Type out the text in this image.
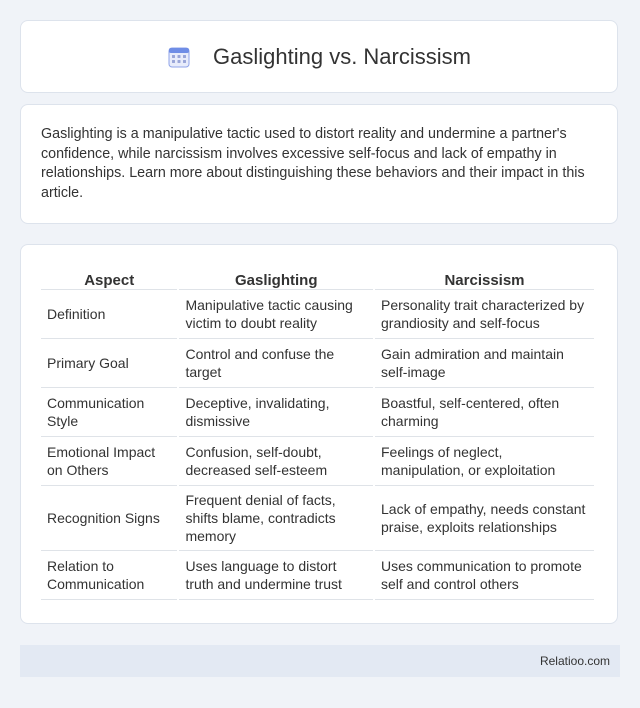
Gaslighting vs. Narcissism

Gaslighting is a manipulative tactic used to distort reality and undermine a partner's confidence, while narcissism involves excessive self-focus and lack of empathy in relationships. Learn more about distinguishing these behaviors and their impact in this article.

Aspect	Gaslighting	Narcissism
Definition	Manipulative tactic causing victim to doubt reality	Personality trait characterized by grandiosity and self-focus
Primary Goal	Control and confuse the target	Gain admiration and maintain self-image
Communication Style	Deceptive, invalidating, dismissive	Boastful, self-centered, often charming
Emotional Impact on Others	Confusion, self-doubt, decreased self-esteem	Feelings of neglect, manipulation, or exploitation
Recognition Signs	Frequent denial of facts, shifts blame, contradicts memory	Lack of empathy, needs constant praise, exploits relationships
Relation to Communication	Uses language to distort truth and undermine trust	Uses communication to promote self and control others
Relatioo.com
